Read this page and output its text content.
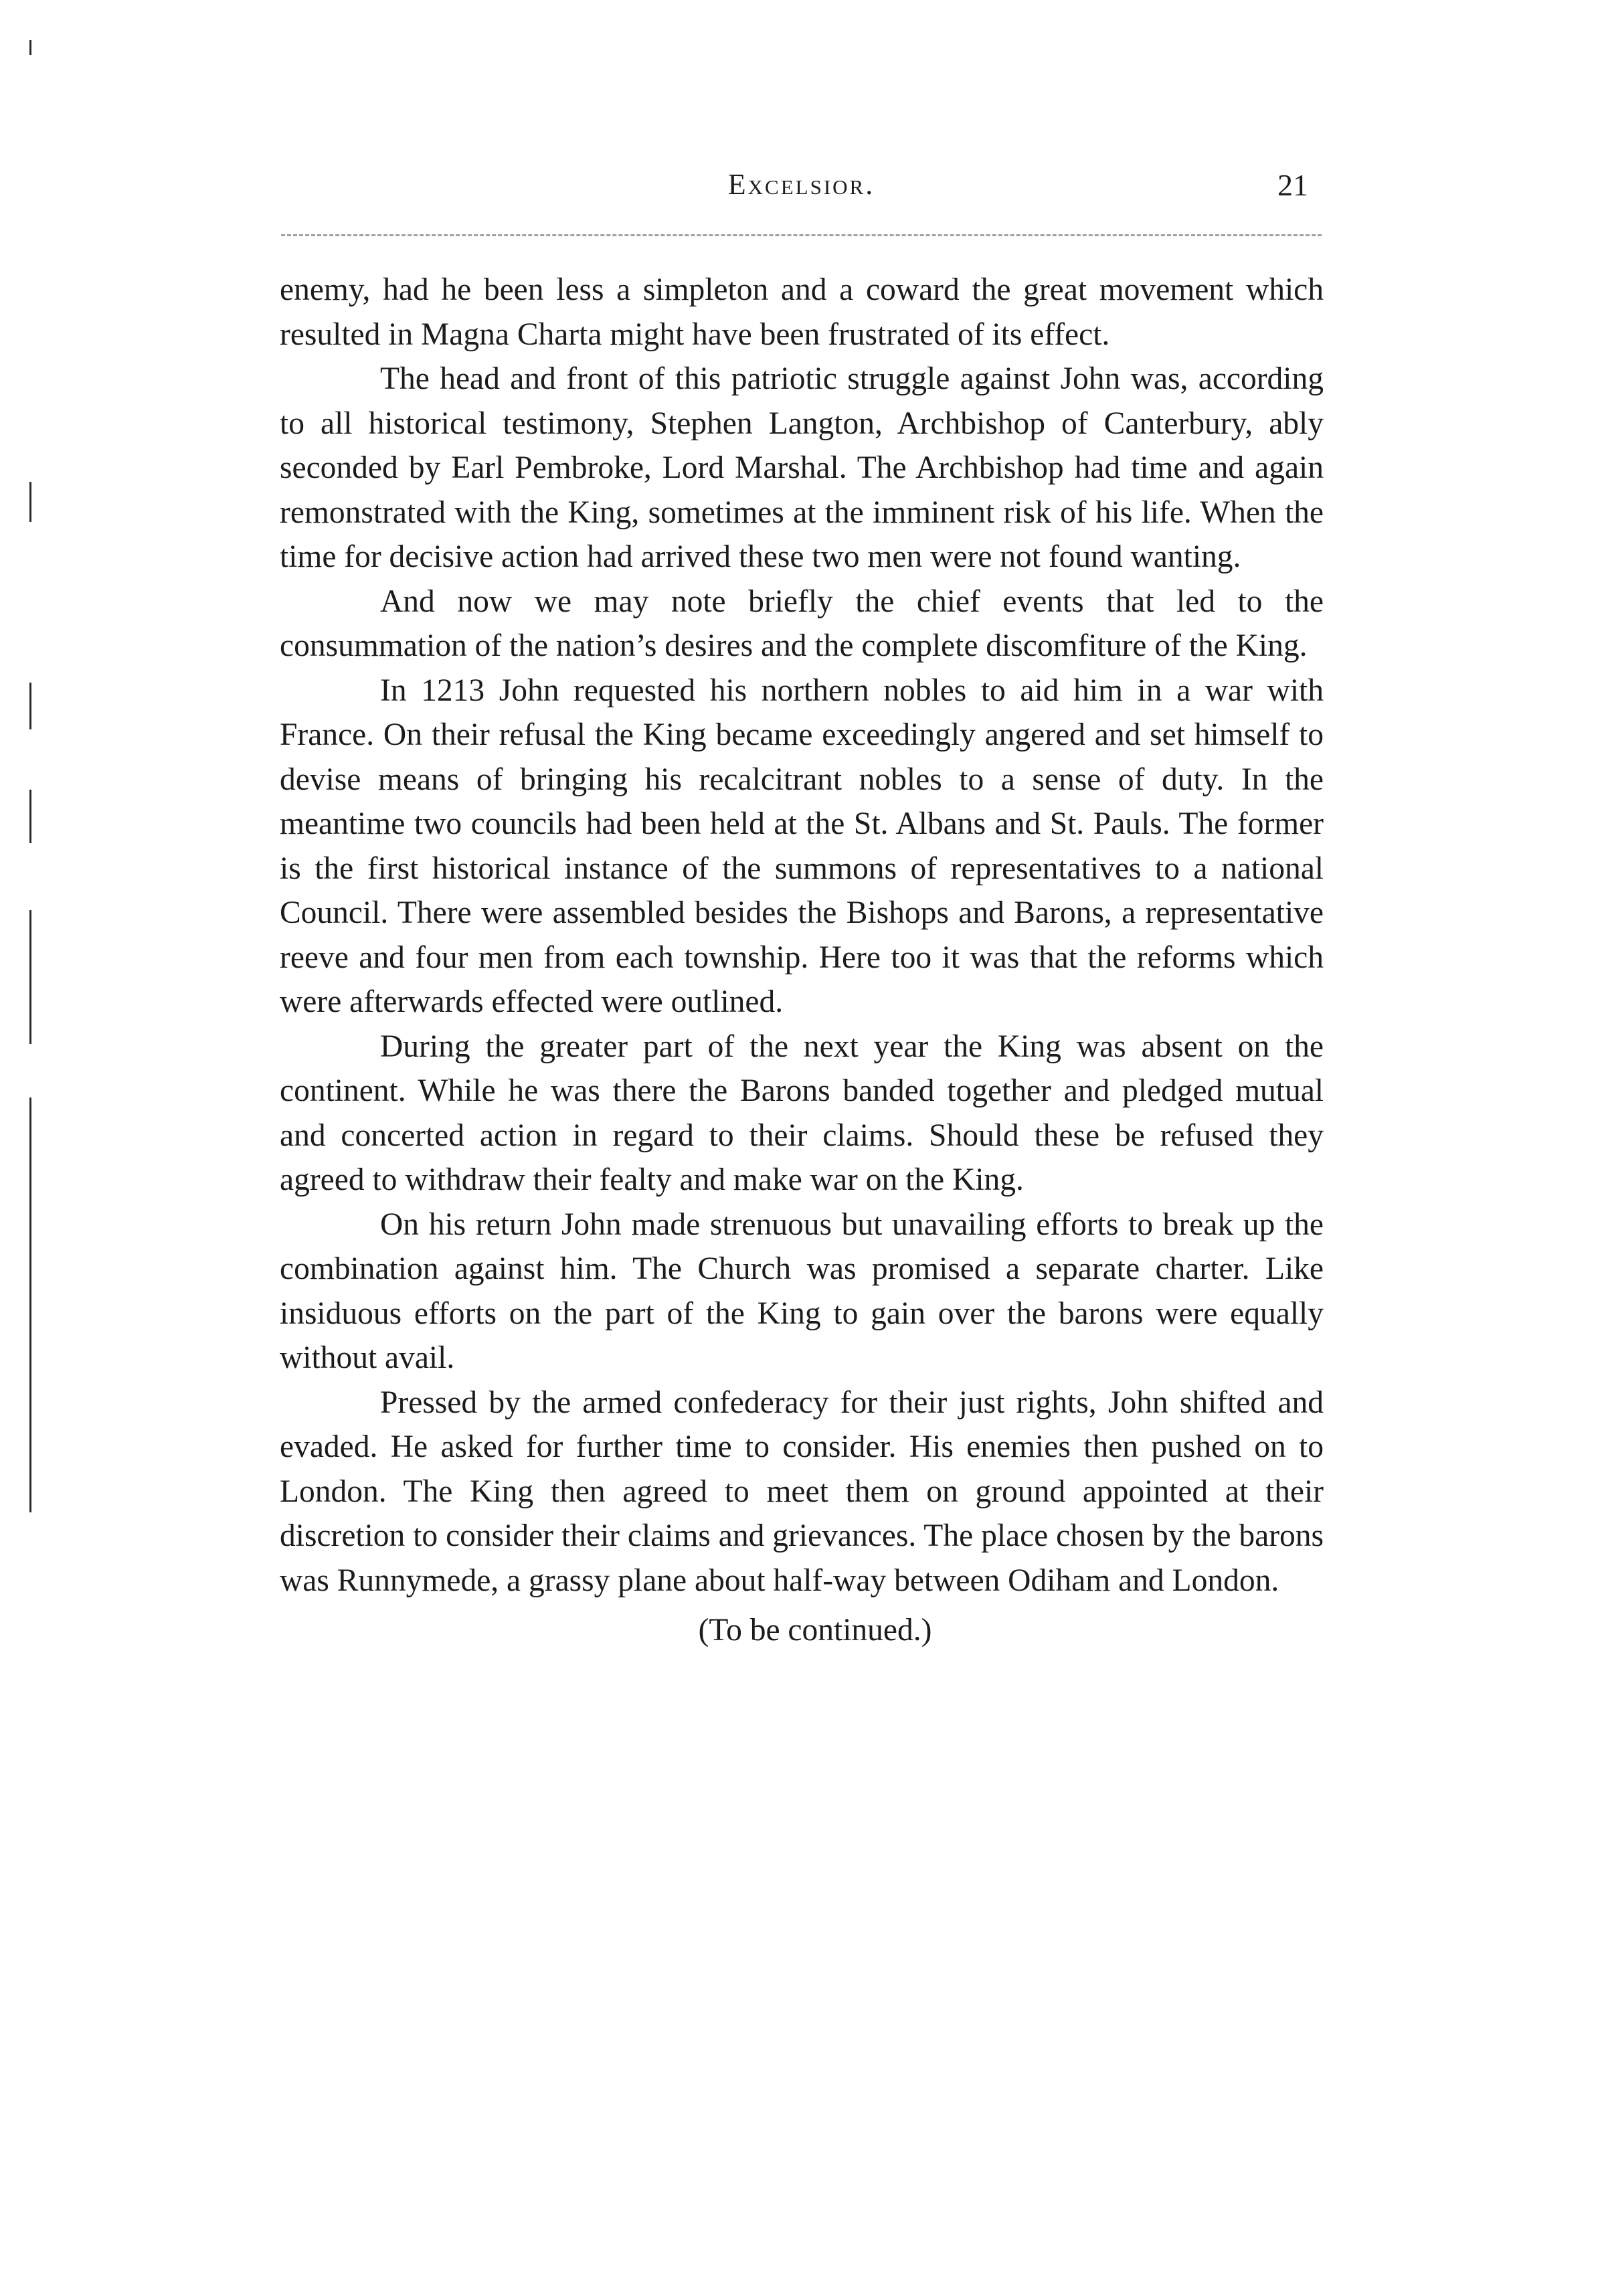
Excelsior.	21

enemy, had he been less a simpleton and a coward the great movement which resulted in Magna Charta might have been frustrated of its effect.

The head and front of this patriotic struggle against John was, according to all historical testimony, Stephen Langton, Archbishop of Canterbury, ably seconded by Earl Pembroke, Lord Marshal. The Archbishop had time and again remonstrated with the King, sometimes at the imminent risk of his life. When the time for decisive action had arrived these two men were not found wanting.

And now we may note briefly the chief events that led to the consummation of the nation’s desires and the complete discomfiture of the King.

In 1213 John requested his northern nobles to aid him in a war with France. On their refusal the King became exceedingly angered and set himself to devise means of bringing his recalcitrant nobles to a sense of duty. In the meantime two councils had been held at the St. Albans and St. Pauls. The former is the first historical instance of the summons of representatives to a national Council. There were assembled besides the Bishops and Barons, a representative reeve and four men from each township. Here too it was that the reforms which were afterwards effected were outlined.

During the greater part of the next year the King was absent on the continent. While he was there the Barons banded together and pledged mutual and concerted action in regard to their claims. Should these be refused they agreed to withdraw their fealty and make war on the King.

On his return John made strenuous but unavailing efforts to break up the combination against him. The Church was promised a separate charter. Like insiduous efforts on the part of the King to gain over the barons were equally without avail.

Pressed by the armed confederacy for their just rights, John shifted and evaded. He asked for further time to consider. His enemies then pushed on to London. The King then agreed to meet them on ground appointed at their discretion to consider their claims and grievances. The place chosen by the barons was Runnymede, a grassy plane about half-way between Odiham and London.

(To be continued.)
